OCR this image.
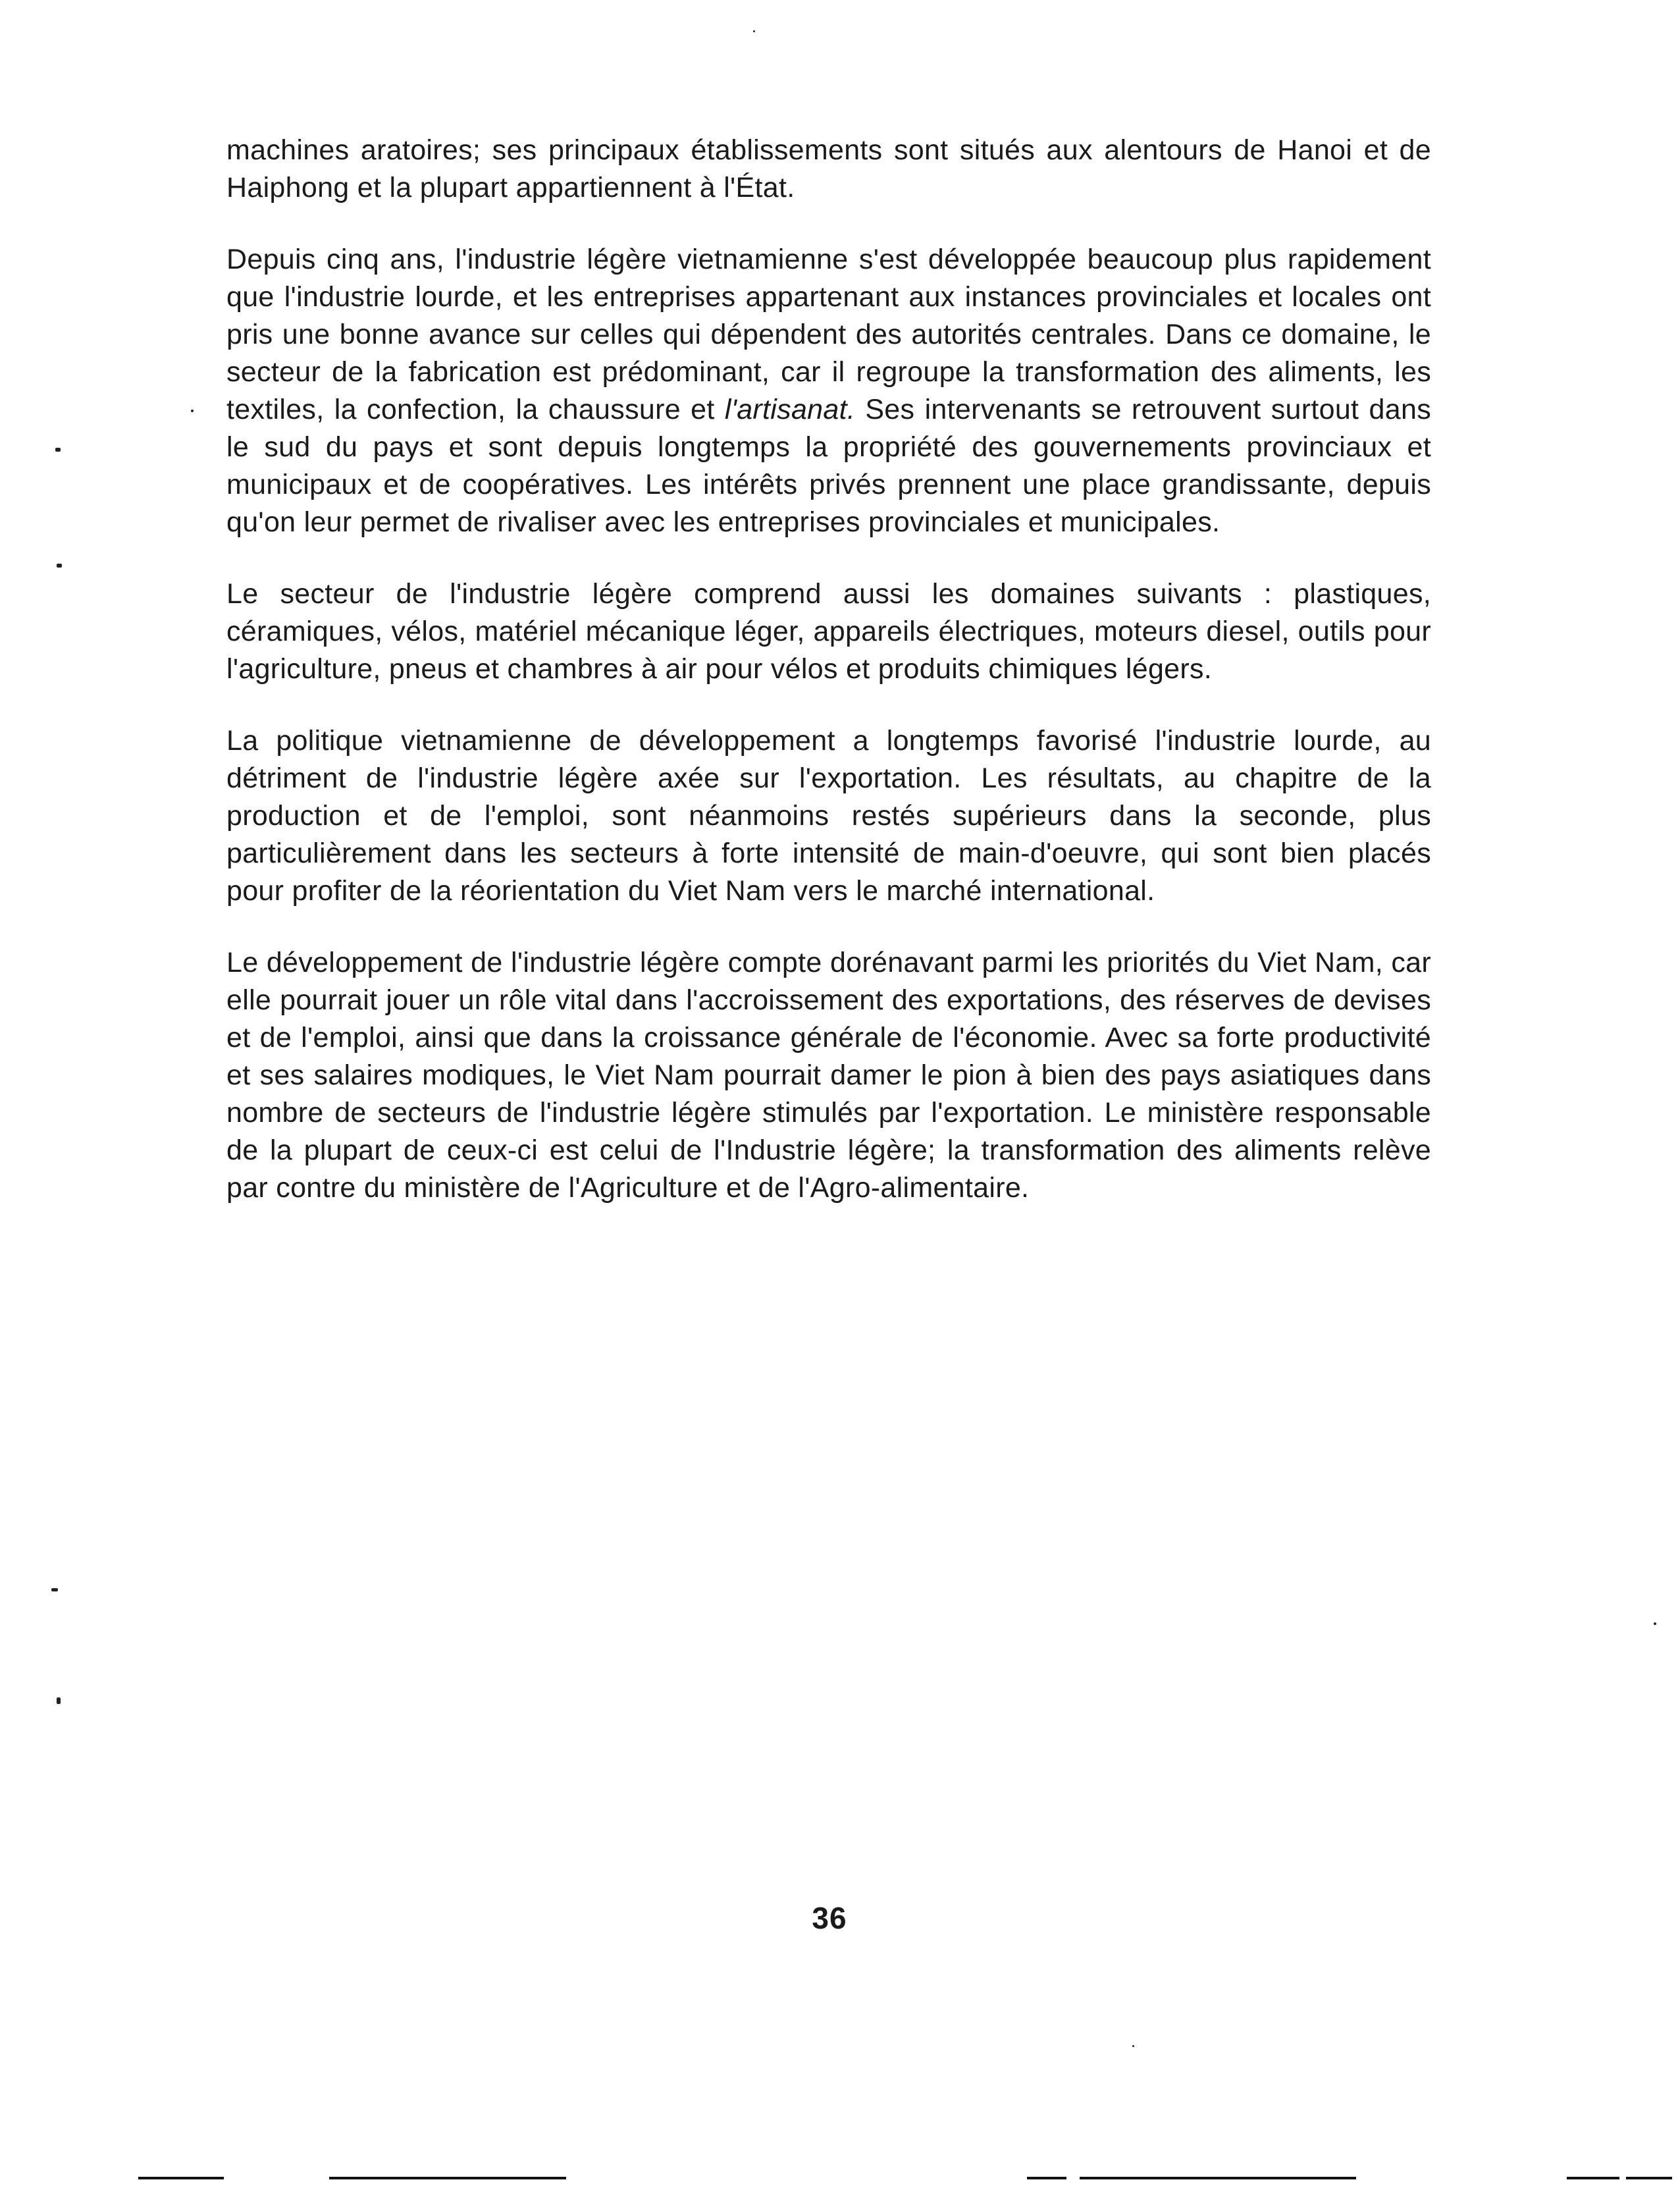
machines aratoires; ses principaux établissements sont situés aux alentours de Hanoi et de Haiphong et la plupart appartiennent à l'État.

Depuis cinq ans, l'industrie légère vietnamienne s'est développée beaucoup plus rapidement que l'industrie lourde, et les entreprises appartenant aux instances provinciales et locales ont pris une bonne avance sur celles qui dépendent des autorités centrales. Dans ce domaine, le secteur de la fabrication est prédominant, car il regroupe la transformation des aliments, les textiles, la confection, la chaussure et l'artisanat. Ses intervenants se retrouvent surtout dans le sud du pays et sont depuis longtemps la propriété des gouvernements provinciaux et municipaux et de coopératives. Les intérêts privés prennent une place grandissante, depuis qu'on leur permet de rivaliser avec les entreprises provinciales et municipales.

Le secteur de l'industrie légère comprend aussi les domaines suivants : plastiques, céramiques, vélos, matériel mécanique léger, appareils électriques, moteurs diesel, outils pour l'agriculture, pneus et chambres à air pour vélos et produits chimiques légers.

La politique vietnamienne de développement a longtemps favorisé l'industrie lourde, au détriment de l'industrie légère axée sur l'exportation. Les résultats, au chapitre de la production et de l'emploi, sont néanmoins restés supérieurs dans la seconde, plus particulièrement dans les secteurs à forte intensité de main-d'oeuvre, qui sont bien placés pour profiter de la réorientation du Viet Nam vers le marché international.

Le développement de l'industrie légère compte dorénavant parmi les priorités du Viet Nam, car elle pourrait jouer un rôle vital dans l'accroissement des exportations, des réserves de devises et de l'emploi, ainsi que dans la croissance générale de l'économie. Avec sa forte productivité et ses salaires modiques, le Viet Nam pourrait damer le pion à bien des pays asiatiques dans nombre de secteurs de l'industrie légère stimulés par l'exportation. Le ministère responsable de la plupart de ceux-ci est celui de l'Industrie légère; la transformation des aliments relève par contre du ministère de l'Agriculture et de l'Agro-alimentaire.

36
